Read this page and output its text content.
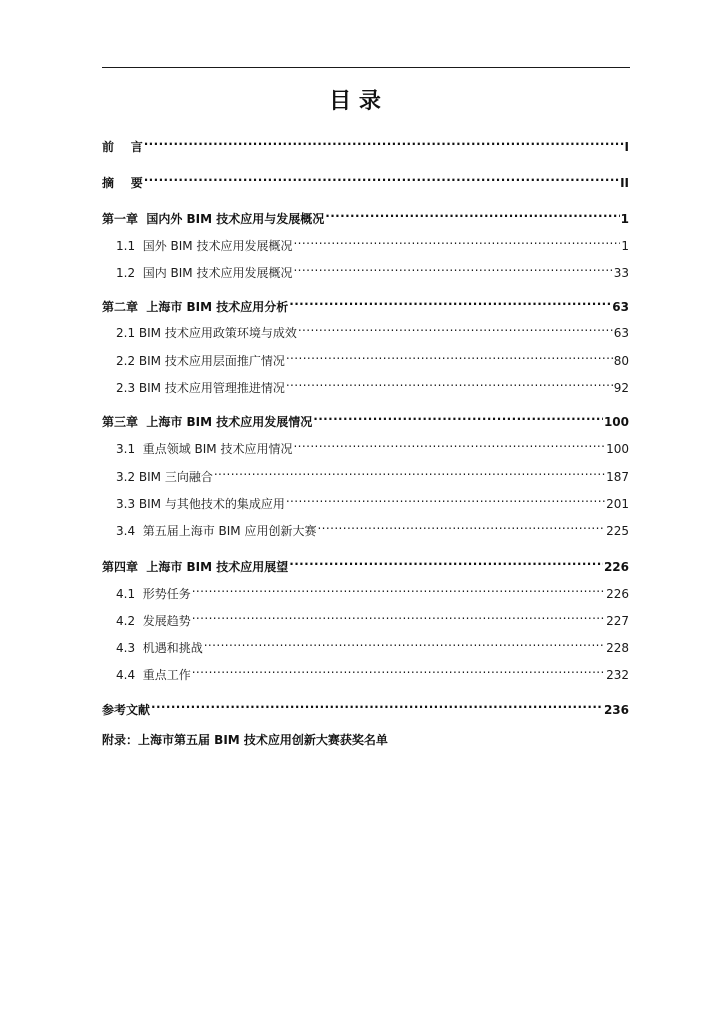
目 录
前    言 .....	I
摘    要 .....	II
第一章  国内外 BIM 技术应用与发展概况 .....	1
1.1  国外 BIM 技术应用发展概况 .....	1
1.2  国内 BIM 技术应用发展概况 .....	33
第二章  上海市 BIM 技术应用分析 .....	63
2.1 BIM 技术应用政策环境与成效 .....	63
2.2 BIM 技术应用层面推广情况 .....	80
2.3 BIM 技术应用管理推进情况 .....	92
第三章  上海市 BIM 技术应用发展情况 .....	100
3.1  重点领域 BIM 技术应用情况 .....	100
3.2 BIM 三向融合 .....	187
3.3 BIM 与其他技术的集成应用 .....	201
3.4  第五届上海市 BIM 应用创新大赛 .....	225
第四章  上海市 BIM 技术应用展望 .....	226
4.1  形势任务 .....	226
4.2  发展趋势 .....	227
4.3  机遇和挑战 .....	228
4.4  重点工作 .....	232
参考文献 .....	236
附录：上海市第五届 BIM 技术应用创新大赛获奖名单
